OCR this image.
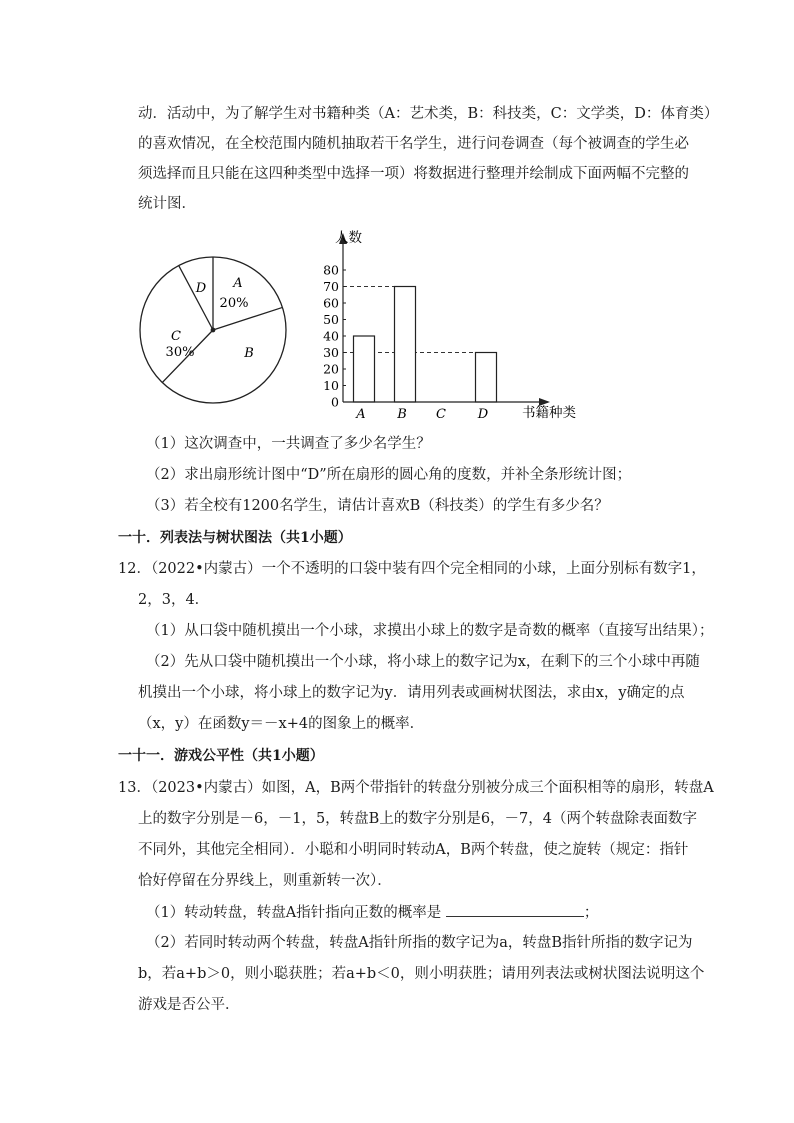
动．活动中，为了解学生对书籍种类（A：艺术类，B：科技类，C：文学类，D：体育类）
的喜欢情况，在全校范围内随机抽取若干名学生，进行问卷调查（每个被调查的学生必
须选择而且只能在这四种类型中选择一项）将数据进行整理并绘制成下面两幅不完整的
统计图．
A
20%
B
C
30%
D
0
10
20
30
40
50
60
70
80
A B C D
人数
书籍种类
（1）这次调查中，一共调查了多少名学生？
（2）求出扇形统计图中“D”所在扇形的圆心角的度数，并补全条形统计图；
（3）若全校有1200名学生，请估计喜欢B（科技类）的学生有多少名？
一十．列表法与树状图法（共1小题）
12．（2022•内蒙古）一个不透明的口袋中装有四个完全相同的小球，上面分别标有数字1，
2，3，4．
（1）从口袋中随机摸出一个小球，求摸出小球上的数字是奇数的概率（直接写出结果）；
（2）先从口袋中随机摸出一个小球，将小球上的数字记为x，在剩下的三个小球中再随
机摸出一个小球，将小球上的数字记为y．请用列表或画树状图法，求由x，y确定的点
（x，y）在函数y＝－x+4的图象上的概率．
一十一．游戏公平性（共1小题）
13．（2023•内蒙古）如图，A，B两个带指针的转盘分别被分成三个面积相等的扇形，转盘A
上的数字分别是－6，－1，5，转盘B上的数字分别是6，－7，4（两个转盘除表面数字
不同外，其他完全相同）．小聪和小明同时转动A，B两个转盘，使之旋转（规定：指针
恰好停留在分界线上，则重新转一次）．
（1）转动转盘，转盘A指针指向正数的概率是	；
（2）若同时转动两个转盘，转盘A指针所指的数字记为a，转盘B指针所指的数字记为
b，若a+b＞0，则小聪获胜；若a+b＜0，则小明获胜；请用列表法或树状图法说明这个
游戏是否公平．
